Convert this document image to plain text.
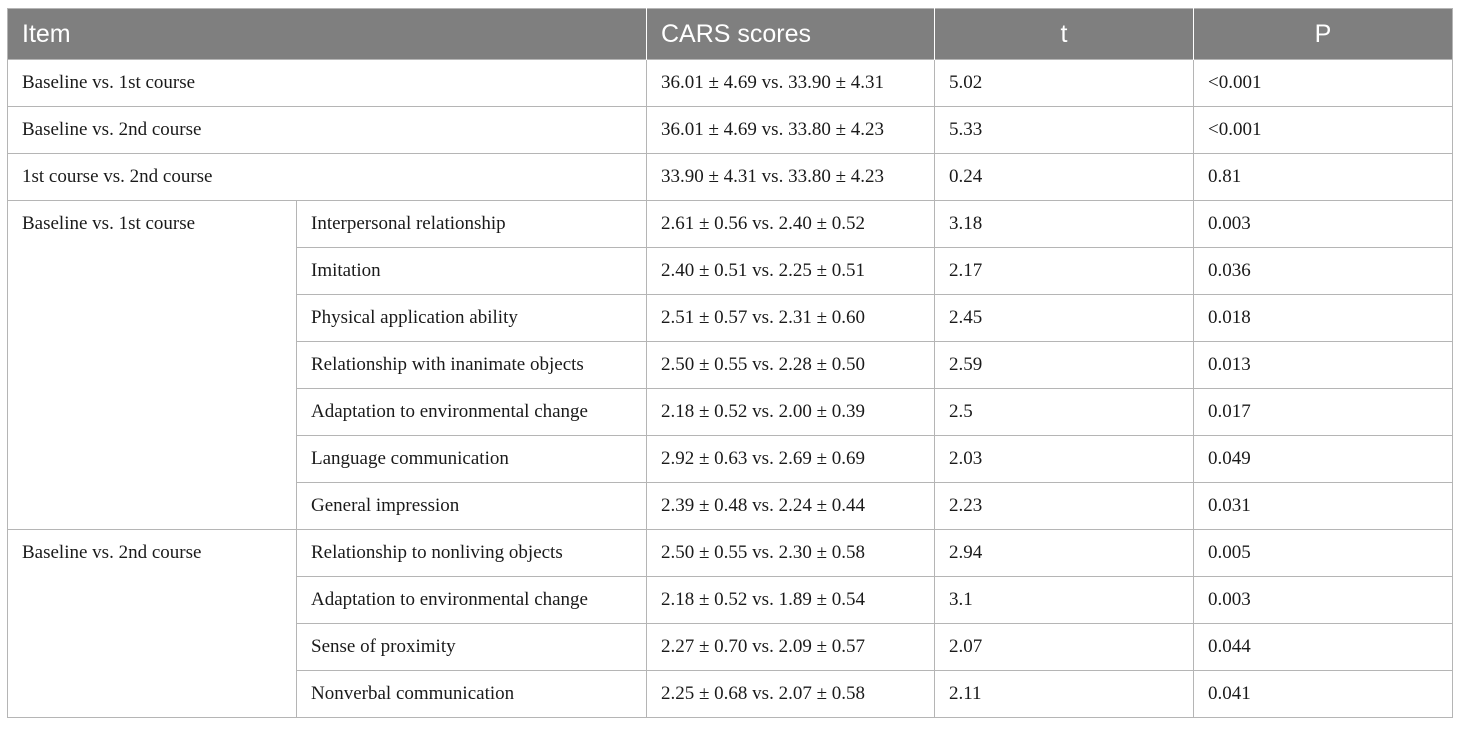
Item		CARS scores	t	P
Baseline vs. 1st course		36.01 ± 4.69 vs. 33.90 ± 4.31	5.02	<0.001
Baseline vs. 2nd course		36.01 ± 4.69 vs. 33.80 ± 4.23	5.33	<0.001
1st course vs. 2nd course		33.90 ± 4.31 vs. 33.80 ± 4.23	0.24	0.81
Baseline vs. 1st course	Interpersonal relationship	2.61 ± 0.56 vs. 2.40 ± 0.52	3.18	0.003
	Imitation	2.40 ± 0.51 vs. 2.25 ± 0.51	2.17	0.036
	Physical application ability	2.51 ± 0.57 vs. 2.31 ± 0.60	2.45	0.018
	Relationship with inanimate objects	2.50 ± 0.55 vs. 2.28 ± 0.50	2.59	0.013
	Adaptation to environmental change	2.18 ± 0.52 vs. 2.00 ± 0.39	2.5	0.017
	Language communication	2.92 ± 0.63 vs. 2.69 ± 0.69	2.03	0.049
	General impression	2.39 ± 0.48 vs. 2.24 ± 0.44	2.23	0.031
Baseline vs. 2nd course	Relationship to nonliving objects	2.50 ± 0.55 vs. 2.30 ± 0.58	2.94	0.005
	Adaptation to environmental change	2.18 ± 0.52 vs. 1.89 ± 0.54	3.1	0.003
	Sense of proximity	2.27 ± 0.70 vs. 2.09 ± 0.57	2.07	0.044
	Nonverbal communication	2.25 ± 0.68 vs. 2.07 ± 0.58	2.11	0.041
